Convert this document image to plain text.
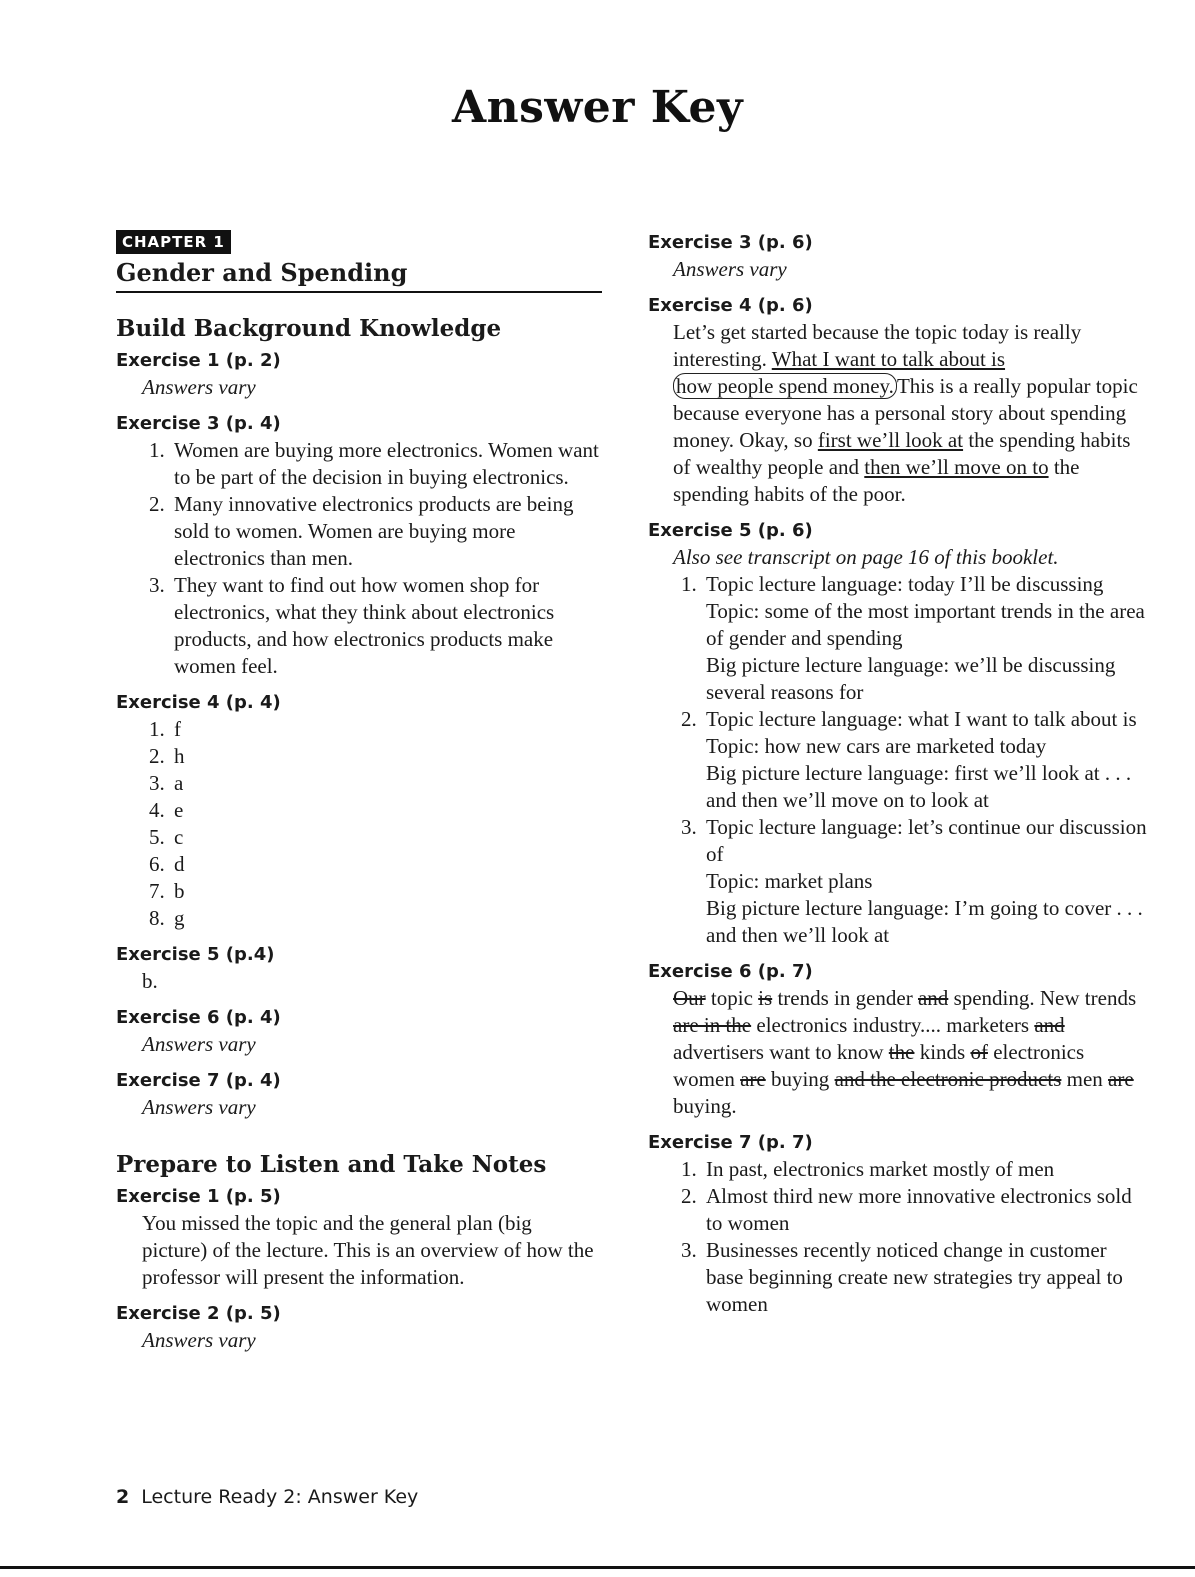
Answer Key
CHAPTER 1
Gender and Spending
Build Background Knowledge
Exercise 1 (p. 2)
Answers vary
Exercise 3 (p. 4)
1. Women are buying more electronics. Women want to be part of the decision in buying electronics.
2. Many innovative electronics products are being sold to women. Women are buying more electronics than men.
3. They want to find out how women shop for electronics, what they think about electronics products, and how electronics products make women feel.
Exercise 4 (p. 4)
1. f
2. h
3. a
4. e
5. c
6. d
7. b
8. g
Exercise 5 (p.4)
b.
Exercise 6 (p. 4)
Answers vary
Exercise 7 (p. 4)
Answers vary
Prepare to Listen and Take Notes
Exercise 1 (p. 5)
You missed the topic and the general plan (big picture) of the lecture. This is an overview of how the professor will present the information.
Exercise 2 (p. 5)
Answers vary
Exercise 3 (p. 6)
Answers vary
Exercise 4 (p. 6)
Let’s get started because the topic today is really interesting. What I want to talk about is
how people spend money. This is a really popular topic because everyone has a personal story about spending money. Okay, so first we’ll look at the spending habits of wealthy people and then we’ll move on to the spending habits of the poor.
Exercise 5 (p. 6)
Also see transcript on page 16 of this booklet.
1. Topic lecture language: today I’ll be discussing
Topic: some of the most important trends in the area of gender and spending
Big picture lecture language: we’ll be discussing several reasons for
2. Topic lecture language: what I want to talk about is
Topic: how new cars are marketed today
Big picture lecture language: first we’ll look at . . . and then we’ll move on to look at
3. Topic lecture language: let’s continue our discussion of
Topic: market plans
Big picture lecture language: I’m going to cover . . . and then we’ll look at
Exercise 6 (p. 7)
Our topic is trends in gender and spending. New trends are in the electronics industry.... marketers and advertisers want to know the kinds of electronics women are buying and the electronic products men are buying.
Exercise 7 (p. 7)
1. In past, electronics market mostly of men
2. Almost third new more innovative electronics sold to women
3. Businesses recently noticed change in customer base beginning create new strategies try appeal to women
2 Lecture Ready 2: Answer Key
